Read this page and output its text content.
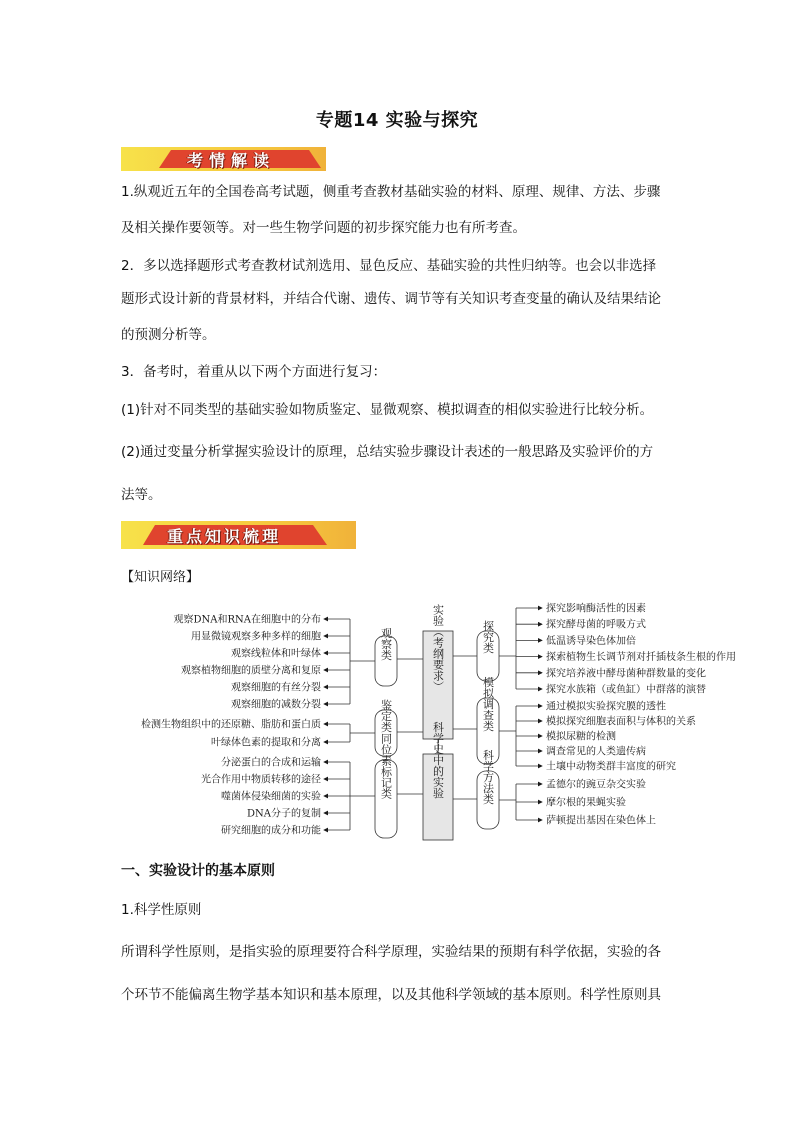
专题14 实验与探究
考情解读
1.纵观近五年的全国卷高考试题，侧重考查教材基础实验的材料、原理、规律、方法、步骤
及相关操作要领等。对一些生物学问题的初步探究能力也有所考查。
2．多以选择题形式考查教材试剂选用、显色反应、基础实验的共性归纳等。也会以非选择
题形式设计新的背景材料，并结合代谢、遗传、调节等有关知识考查变量的确认及结果结论
的预测分析等。
3．备考时，着重从以下两个方面进行复习：
(1)针对不同类型的基础实验如物质鉴定、显微观察、模拟调查的相似实验进行比较分析。
(2)通过变量分析掌握实验设计的原理，总结实验步骤设计表述的一般思路及实验评价的方
法等。
重点知识梳理
【知识网络】
实验（考纲要求）
科学史中的实验
观察类
鉴定类
同位素标记类
探究类
模拟调查类
科学方法类
观察DNA和RNA在细胞中的分布
用显微镜观察多种多样的细胞
观察线粒体和叶绿体
观察植物细胞的质壁分离和复原
观察细胞的有丝分裂
观察细胞的减数分裂
检测生物组织中的还原糖、脂肪和蛋白质
叶绿体色素的提取和分离
分泌蛋白的合成和运输
光合作用中物质转移的途径
噬菌体侵染细菌的实验
DNA分子的复制
研究细胞的成分和功能
探究影响酶活性的因素
探究酵母菌的呼吸方式
低温诱导染色体加倍
探索植物生长调节剂对扦插枝条生根的作用
探究培养液中酵母菌种群数量的变化
探究水族箱（或鱼缸）中群落的演替
通过模拟实验探究膜的透性
模拟探究细胞表面积与体积的关系
模拟尿糖的检测
调查常见的人类遗传病
土壤中动物类群丰富度的研究
孟德尔的豌豆杂交实验
摩尔根的果蝇实验
萨顿提出基因在染色体上
一、实验设计的基本原则
1.科学性原则
所谓科学性原则，是指实验的原理要符合科学原理，实验结果的预期有科学依据，实验的各
个环节不能偏离生物学基本知识和基本原理，以及其他科学领域的基本原则。科学性原则具
